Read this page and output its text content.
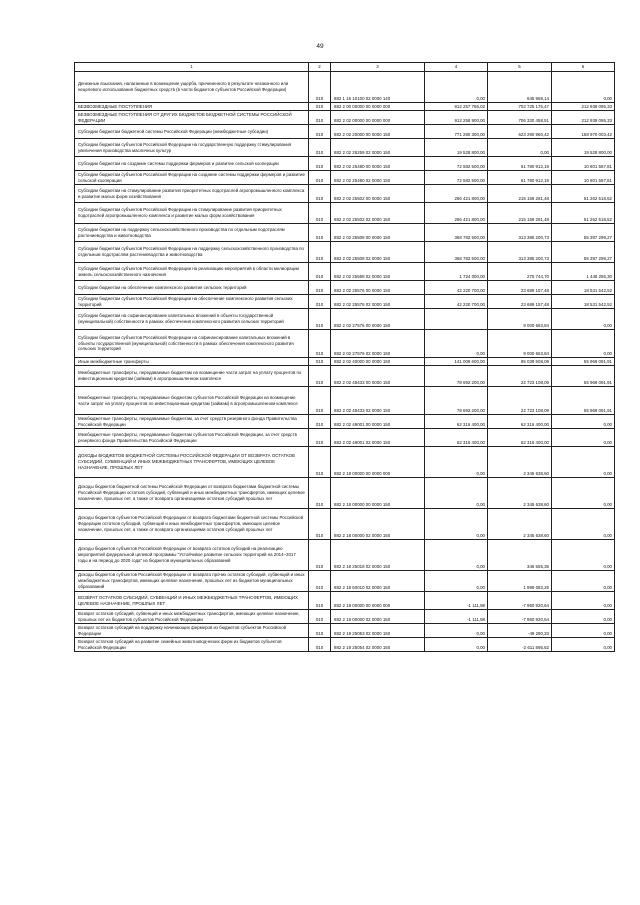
49
1	2	3	4	5	6
Денежные взыскания, налагаемые в возмещение ущерба, причиненного в результате незаконного или нецелевого использования бюджетных средств (в части бюджетов субъектов Российской Федерации)	010	882 1 16 10100 02 0000 140	0,00	645 969,14	0,00
БЕЗВОЗМЕЗДНЫЕ ПОСТУПЛЕНИЯ	010	882 2 00 00000 00 0000 000	912 257 786,02	702 725 176,47	212 939 095,33
БЕЗВОЗМЕЗДНЫЕ ПОСТУПЛЕНИЯ ОТ ДРУГИХ БЮДЖЕТОВ БЮДЖЕТНОЙ СИСТЕМЫ РОССИЙСКОЙ ФЕДЕРАЦИИ	010	882 2 02 00000 00 0000 000	912 258 900,00	706 330 458,51	212 939 095,33
Субсидии бюджетам бюджетной системы Российской Федерации (межбюджетные субсидии)	010	882 2 02 20000 00 0000 150	771 280 300,00	623 290 960,42	158 970 003,42
Субсидии бюджетам субъектов Российской Федерации на государственную поддержку стимулирования увеличения производства масличных культур	010	882 2 02 25259 02 0000 150	19 528 800,00	0,00	19 528 800,00
Субсидии бюджетам на создание системы поддержки фермеров и развитие сельской кооперации	010	882 2 02 25480 00 0000 150	72 582 500,00	61 780 912,19	10 801 587,81
Субсидии бюджетам субъектов Российской Федерации на создание системы поддержки фермеров и развитие сельской кооперации	010	882 2 02 25480 02 0000 150	72 582 500,00	61 780 912,19	10 801 587,81
Субсидии бюджетам на стимулирование развития приоритетных подотраслей агропромышленного комплекса и развитие малых форм хозяйствования	010	882 2 02 25502 00 0000 150	266 421 800,00	215 159 281,48	51 262 518,52
Субсидии бюджетам субъектов Российской Федерации на стимулирование развития приоритетных подотраслей агропромышленного комплекса и развитие малых форм хозяйствования	010	882 2 02 25502 02 0000 150	266 421 800,00	215 159 281,48	51 262 518,52
Субсидии бюджетам на поддержку сельскохозяйственного производства по отдельным подотраслям растениеводства и животноводства	010	882 2 02 25508 00 0000 150	368 782 500,00	313 385 200,73	55 397 299,27
Субсидии бюджетам субъектов Российской Федерации на поддержку сельскохозяйственного производства по отдельным подотраслям растениеводства и животноводства	010	882 2 02 25508 02 0000 150	368 782 500,00	313 385 200,73	55 397 299,27
Субсидии бюджетам субъектов Российской Федерации на реализацию мероприятий в области мелиорации земель сельскохозяйственного назначения	010	882 2 02 25568 02 0000 150	1 724 000,00	275 744,70	1 448 255,30
Субсидии бюджетам на обеспечение комплексного развития сельских территорий	010	882 2 02 25576 00 0000 150	42 220 700,00	23 689 157,48	18 531 542,52
Субсидии бюджетам субъектов Российской Федерации на обеспечение комплексного развития сельских территорий	010	882 2 02 25576 02 0000 150	42 220 700,00	23 689 157,48	18 531 542,52
Субсидии бюджетам на софинансирование капитальных вложений в объекты государственной (муниципальной) собственности в рамках обеспечения комплексного развития сельских территорий	010	882 2 02 27576 00 0000 150		9 000 663,84	0,00
Субсидии бюджетам субъектов Российской Федерации на софинансирование капитальных вложений в объекты государственной (муниципальной) собственности в рамках обеспечения комплексного развития сельских территорий	010	882 2 02 27576 02 0000 150	0,00	9 000 663,84	0,00
Иные межбюджетные трансферты	010	882 2 02 40000 00 0000 150	141 008 600,00	85 039 508,09	55 969 091,91
Межбюджетные трансферты, передаваемые бюджетам на возмещение части затрат на уплату процентов по инвестиционным кредитам (займам) в агропромышленном комплексе	010	882 2 02 45433 00 0000 150	78 692 200,00	22 723 108,09	55 969 091,91
Межбюджетные трансферты, передаваемые бюджетам субъектов Российской Федерации на возмещение части затрат на уплату процентов по инвестиционным кредитам (займам) в агропромышленном комплексе	010	882 2 02 45433 02 0000 150	78 692 200,00	22 723 108,09	55 969 091,91
Межбюджетные трансферты, передаваемые бюджетам, за счет средств резервного фонда Правительства Российской Федерации	010	882 2 02 49001 00 0000 150	62 316 400,00	62 316 400,00	0,00
Межбюджетные трансферты, передаваемые бюджетам субъектов Российской Федерации, за счет средств резервного фонда Правительства Российской Федерации	010	882 2 02 49001 02 0000 150	62 316 400,00	62 316 400,00	0,00
ДОХОДЫ БЮДЖЕТОВ БЮДЖЕТНОЙ СИСТЕМЫ РОССИЙСКОЙ ФЕДЕРАЦИИ ОТ ВОЗВРАТА ОСТАТКОВ СУБСИДИЙ, СУБВЕНЦИЙ И ИНЫХ МЕЖБЮДЖЕТНЫХ ТРАНСФЕРТОВ, ИМЕЮЩИХ ЦЕЛЕВОЕ НАЗНАЧЕНИЕ, ПРОШЛЫХ ЛЕТ	010	882 2 18 00000 00 0000 000	0,00	2 345 638,60	0,00
Доходы бюджетов бюджетной системы Российской Федерации от возврата бюджетами бюджетной системы Российской Федерации остатков субсидий, субвенций и иных межбюджетных трансфертов, имеющих целевое назначение, прошлых лет, а также от возврата организациями остатков субсидий прошлых лет	010	882 2 18 00000 00 0000 150	0,00	2 345 638,60	0,00
Доходы бюджетов субъектов Российской Федерации от возврата бюджетами бюджетной системы Российской Федерации остатков субсидий, субвенций и иных межбюджетных трансфертов, имеющих целевое назначение, прошлых лет, а также от возврата организациями остатков субсидий прошлых лет	010	882 2 18 00000 02 0000 150	0,00	2 345 638,60	0,00
Доходы бюджетов субъектов Российской Федерации от возврата остатков субсидий на реализацию мероприятий федеральной целевой программы "Устойчивое развитие сельских территорий на 2014–2017 годы и на период до 2020 года" из бюджетов муниципальных образований	010	882 2 18 25018 02 0000 150	0,00	346 555,35	0,00
Доходы бюджетов субъектов Российской Федерации от возврата прочих остатков субсидий, субвенций и иных межбюджетных трансфертов, имеющих целевое назначение, прошлых лет из бюджетов муниципальных образований	010	882 2 18 60010 02 0000 150	0,00	1 999 083,25	0,00
ВОЗВРАТ ОСТАТКОВ СУБСИДИЙ, СУБВЕНЦИЙ И ИНЫХ МЕЖБЮДЖЕТНЫХ ТРАНСФЕРТОВ, ИМЕЮЩИХ ЦЕЛЕВОЕ НАЗНАЧЕНИЕ, ПРОШЛЫХ ЛЕТ	010	882 2 19 00000 00 0000 000	-1 111,98	-7 950 920,64	0,00
Возврат остатков субсидий, субвенций и иных межбюджетных трансфертов, имеющих целевое назначение, прошлых лет из бюджетов субъектов Российской Федерации	010	882 2 19 00000 02 0000 150	-1 111,98	-7 950 920,64	0,00
Возврат остатков субсидий на поддержку начинающих фермеров из бюджетов субъектов Российской Федерации	010	882 2 19 25053 02 0000 150	0,00	-49 290,33	0,00
Возврат остатков субсидий на развитие семейных животноводческих ферм из бюджетов субъектов Российской Федерации	010	882 2 19 25054 02 0000 150	0,00	-2 611 595,62	0,00
